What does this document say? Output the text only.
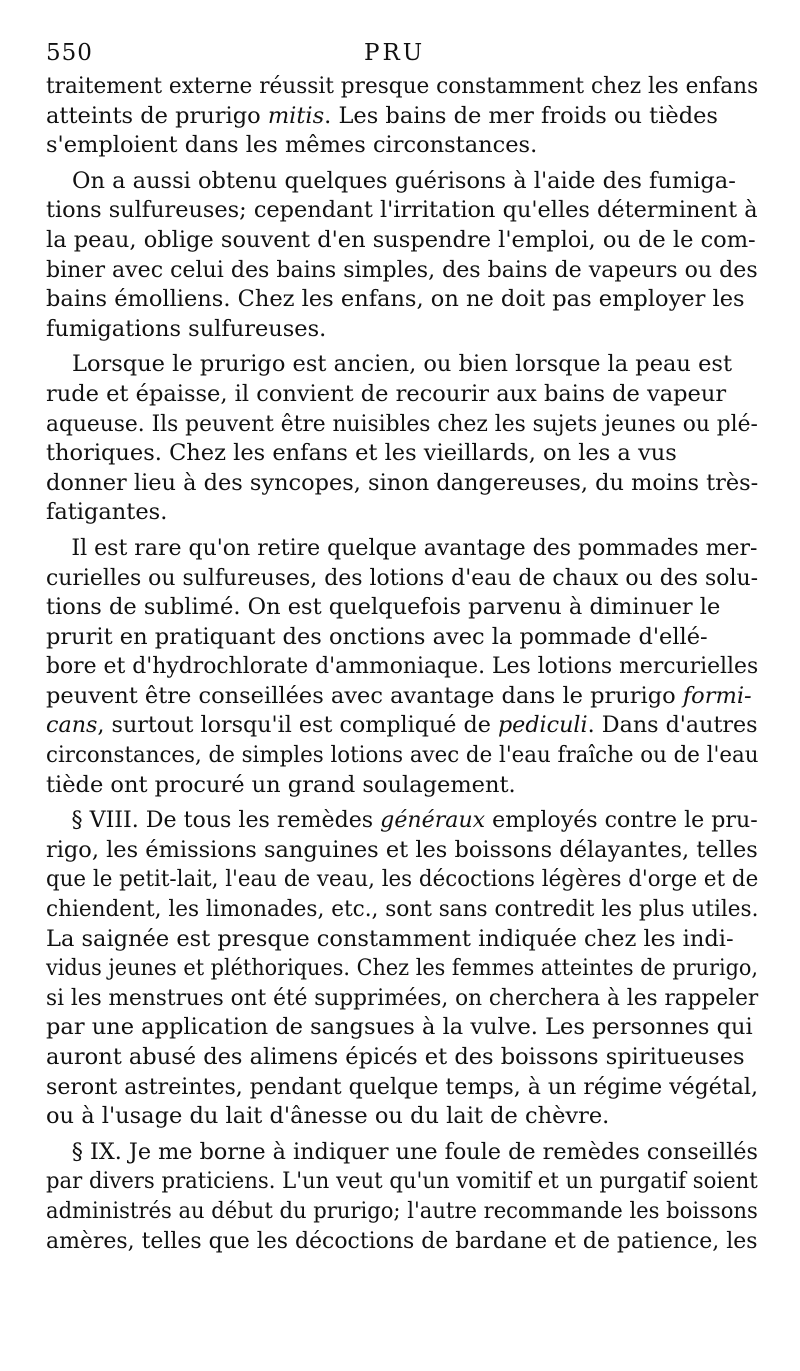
550	PRU

traitement externe réussit presque constamment chez les enfans
atteints de prurigo mitis. Les bains de mer froids ou tièdes
s'emploient dans les mêmes circonstances.

On a aussi obtenu quelques guérisons à l'aide des fumiga-
tions sulfureuses; cependant l'irritation qu'elles déterminent à
la peau, oblige souvent d'en suspendre l'emploi, ou de le com-
biner avec celui des bains simples, des bains de vapeurs ou des
bains émolliens. Chez les enfans, on ne doit pas employer les
fumigations sulfureuses.

Lorsque le prurigo est ancien, ou bien lorsque la peau est
rude et épaisse, il convient de recourir aux bains de vapeur
aqueuse. Ils peuvent être nuisibles chez les sujets jeunes ou plé-
thoriques. Chez les enfans et les vieillards, on les a vus
donner lieu à des syncopes, sinon dangereuses, du moins très-
fatigantes.

Il est rare qu'on retire quelque avantage des pommades mer-
curielles ou sulfureuses, des lotions d'eau de chaux ou des solu-
tions de sublimé. On est quelquefois parvenu à diminuer le
prurit en pratiquant des onctions avec la pommade d'ellé-
bore et d'hydrochlorate d'ammoniaque. Les lotions mercurielles
peuvent être conseillées avec avantage dans le prurigo formi-
cans, surtout lorsqu'il est compliqué de pediculi. Dans d'autres
circonstances, de simples lotions avec de l'eau fraîche ou de l'eau
tiède ont procuré un grand soulagement.

§ VIII. De tous les remèdes généraux employés contre le pru-
rigo, les émissions sanguines et les boissons délayantes, telles
que le petit-lait, l'eau de veau, les décoctions légères d'orge et de
chiendent, les limonades, etc., sont sans contredit les plus utiles.
La saignée est presque constamment indiquée chez les indi-
vidus jeunes et pléthoriques. Chez les femmes atteintes de prurigo,
si les menstrues ont été supprimées, on cherchera à les rappeler
par une application de sangsues à la vulve. Les personnes qui
auront abusé des alimens épicés et des boissons spiritueuses
seront astreintes, pendant quelque temps, à un régime végétal,
ou à l'usage du lait d'ânesse ou du lait de chèvre.

§ IX. Je me borne à indiquer une foule de remèdes conseillés
par divers praticiens. L'un veut qu'un vomitif et un purgatif soient
administrés au début du prurigo; l'autre recommande les boissons
amères, telles que les décoctions de bardane et de patience, les
